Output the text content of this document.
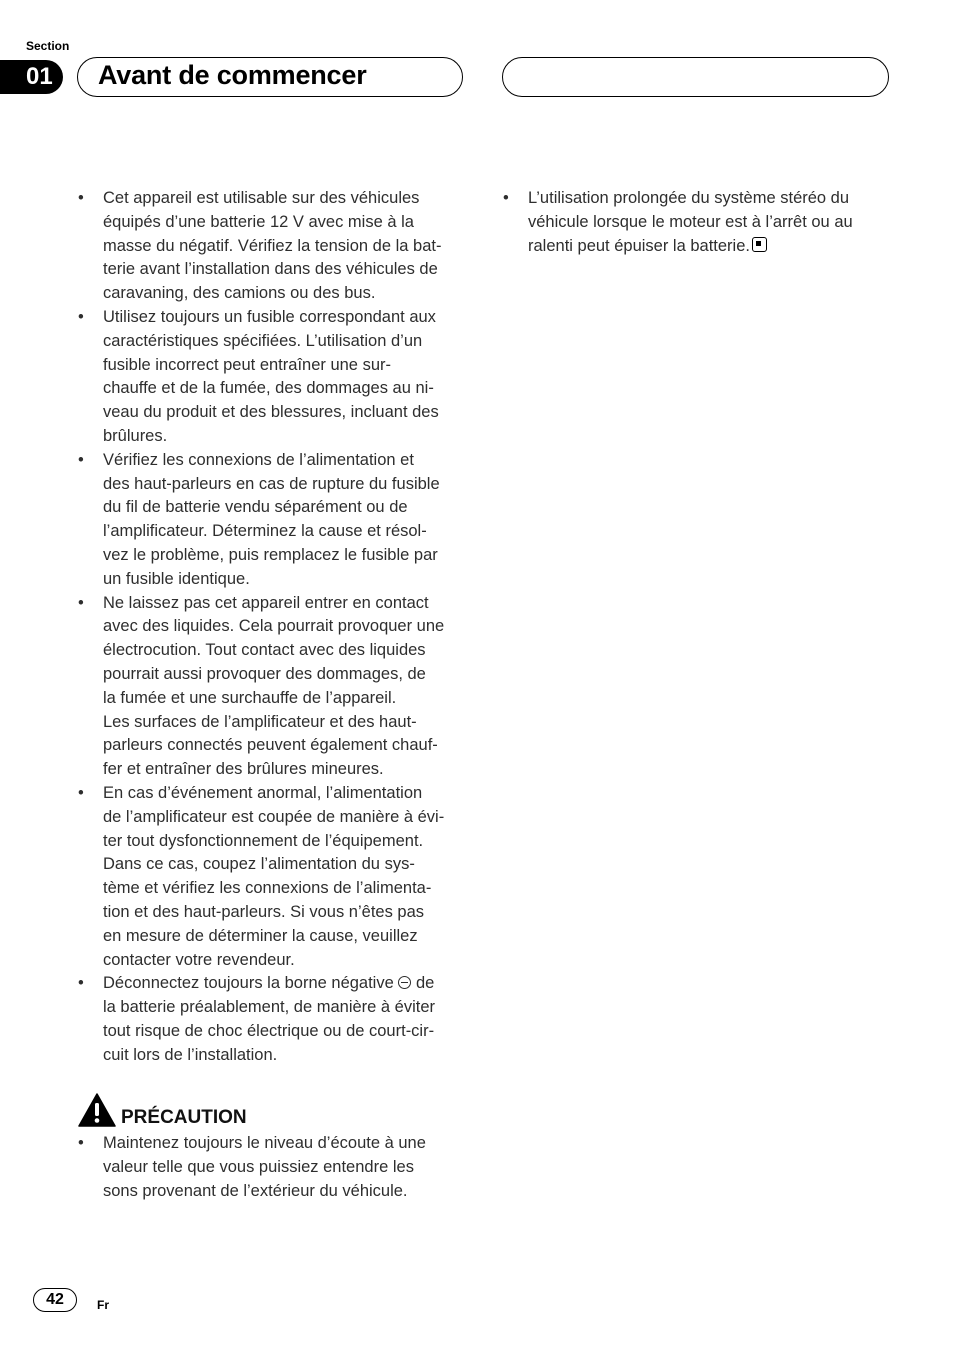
Section
01	Avant de commencer
• Cet appareil est utilisable sur des véhicules
équipés d’une batterie 12 V avec mise à la
masse du négatif. Vérifiez la tension de la bat-
terie avant l’installation dans des véhicules de
caravaning, des camions ou des bus.
• Utilisez toujours un fusible correspondant aux
caractéristiques spécifiées. L’utilisation d’un
fusible incorrect peut entraîner une sur-
chauffe et de la fumée, des dommages au ni-
veau du produit et des blessures, incluant des
brûlures.
• Vérifiez les connexions de l’alimentation et
des haut-parleurs en cas de rupture du fusible
du fil de batterie vendu séparément ou de
l’amplificateur. Déterminez la cause et résol-
vez le problème, puis remplacez le fusible par
un fusible identique.
• Ne laissez pas cet appareil entrer en contact
avec des liquides. Cela pourrait provoquer une
électrocution. Tout contact avec des liquides
pourrait aussi provoquer des dommages, de
la fumée et une surchauffe de l’appareil.
Les surfaces de l’amplificateur et des haut-
parleurs connectés peuvent également chauf-
fer et entraîner des brûlures mineures.
• En cas d’événement anormal, l’alimentation
de l’amplificateur est coupée de manière à évi-
ter tout dysfonctionnement de l’équipement.
Dans ce cas, coupez l’alimentation du sys-
tème et vérifiez les connexions de l’alimenta-
tion et des haut-parleurs. Si vous n’êtes pas
en mesure de déterminer la cause, veuillez
contacter votre revendeur.
• Déconnectez toujours la borne négative de
la batterie préalablement, de manière à éviter
tout risque de choc électrique ou de court-cir-
cuit lors de l’installation.
• L’utilisation prolongée du système stéréo du
véhicule lorsque le moteur est à l’arrêt ou au
ralenti peut épuiser la batterie.
PRÉCAUTION
• Maintenez toujours le niveau d’écoute à une
valeur telle que vous puissiez entendre les
sons provenant de l’extérieur du véhicule.
42	Fr
